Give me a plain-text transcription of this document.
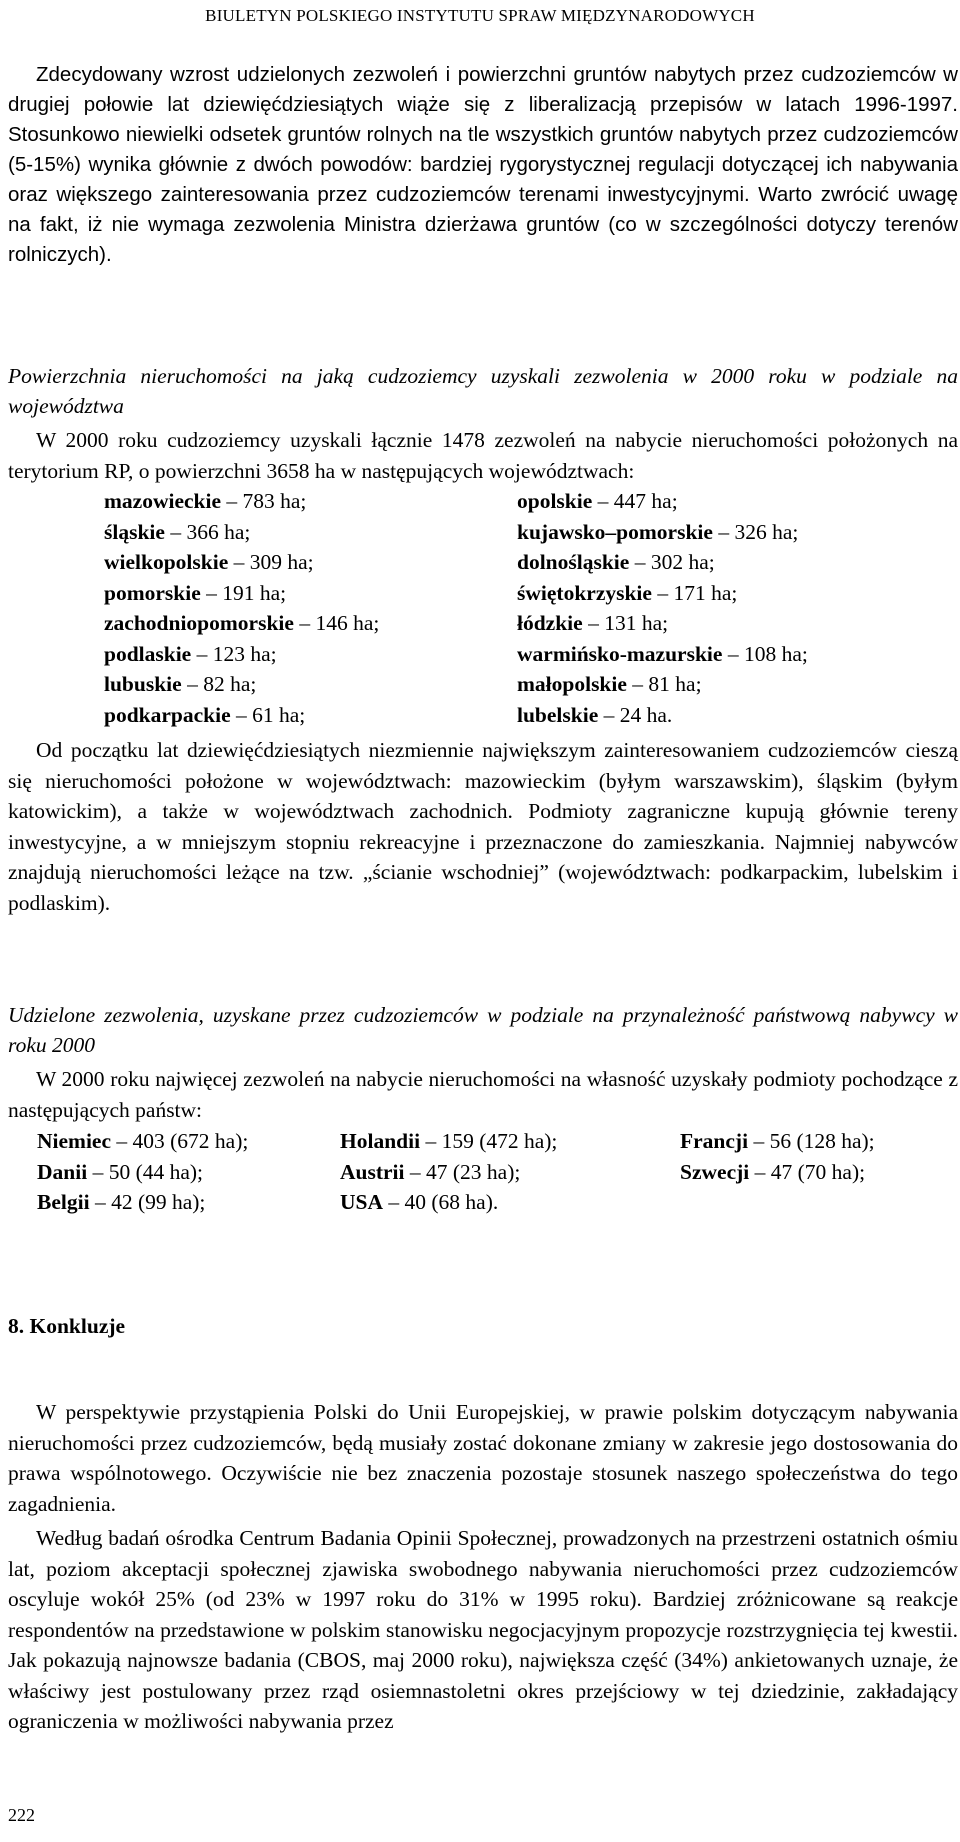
BIULETYN POLSKIEGO INSTYTUTU SPRAW MIĘDZYNARODOWYCH

Zdecydowany wzrost udzielonych zezwoleń i powierzchni gruntów nabytych przez cudzoziemców w drugiej połowie lat dziewięćdziesiątych wiąże się z liberalizacją przepisów w latach 1996-1997. Stosunkowo niewielki odsetek gruntów rolnych na tle wszystkich gruntów nabytych przez cudzoziemców (5-15%) wynika głównie z dwóch powodów: bardziej rygorystycznej regulacji dotyczącej ich nabywania oraz większego zainteresowania przez cudzoziemców terenami inwestycyjnymi. Warto zwrócić uwagę na fakt, iż nie wymaga zezwolenia Ministra dzierżawa gruntów (co w szczególności dotyczy terenów rolniczych).

Powierzchnia nieruchomości na jaką cudzoziemcy uzyskali zezwolenia w 2000 roku w podziale na województwa

W 2000 roku cudzoziemcy uzyskali łącznie 1478 zezwoleń na nabycie nieruchomości położonych na terytorium RP, o powierzchni 3658 ha w następujących województwach:

mazowieckie – 783 ha;	opolskie – 447 ha;
śląskie – 366 ha;	kujawsko–pomorskie – 326 ha;
wielkopolskie – 309 ha;	dolnośląskie – 302 ha;
pomorskie – 191 ha;	świętokrzyskie – 171 ha;
zachodniopomorskie – 146 ha;	łódzkie – 131 ha;
podlaskie – 123 ha;	warmińsko-mazurskie – 108 ha;
lubuskie – 82 ha;	małopolskie – 81 ha;
podkarpackie – 61 ha;	lubelskie – 24 ha.

Od początku lat dziewięćdziesiątych niezmiennie największym zainteresowaniem cudzoziemców cieszą się nieruchomości położone w województwach: mazowieckim (byłym warszawskim), śląskim (byłym katowickim), a także w województwach zachodnich. Podmioty zagraniczne kupują głównie tereny inwestycyjne, a w mniejszym stopniu rekreacyjne i przeznaczone do zamieszkania. Najmniej nabywców znajdują nieruchomości leżące na tzw. „ścianie wschodniej” (województwach: podkarpackim, lubelskim i podlaskim).

Udzielone zezwolenia, uzyskane przez cudzoziemców w podziale na przynależność państwową nabywcy w roku 2000

W 2000 roku najwięcej zezwoleń na nabycie nieruchomości na własność uzyskały podmioty pochodzące z następujących państw:

Niemiec – 403 (672 ha);	Holandii – 159 (472 ha);	Francji – 56 (128 ha);
Danii – 50 (44 ha);	Austrii – 47 (23 ha);	Szwecji – 47 (70 ha);
Belgii – 42 (99 ha);	USA – 40 (68 ha).

8. Konkluzje

W perspektywie przystąpienia Polski do Unii Europejskiej, w prawie polskim dotyczącym nabywania nieruchomości przez cudzoziemców, będą musiały zostać dokonane zmiany w zakresie jego dostosowania do prawa wspólnotowego. Oczywiście nie bez znaczenia pozostaje stosunek naszego społeczeństwa do tego zagadnienia.

Według badań ośrodka Centrum Badania Opinii Społecznej, prowadzonych na przestrzeni ostatnich ośmiu lat, poziom akceptacji społecznej zjawiska swobodnego nabywania nieruchomości przez cudzoziemców oscyluje wokół 25% (od 23% w 1997 roku do 31% w 1995 roku). Bardziej zróżnicowane są reakcje respondentów na przedstawione w polskim stanowisku negocjacyjnym propozycje rozstrzygnięcia tej kwestii. Jak pokazują najnowsze badania (CBOS, maj 2000 roku), największa część (34%) ankietowanych uznaje, że właściwy jest postulowany przez rząd osiemnastoletni okres przejściowy w tej dziedzinie, zakładający ograniczenia w możliwości nabywania przez

222
